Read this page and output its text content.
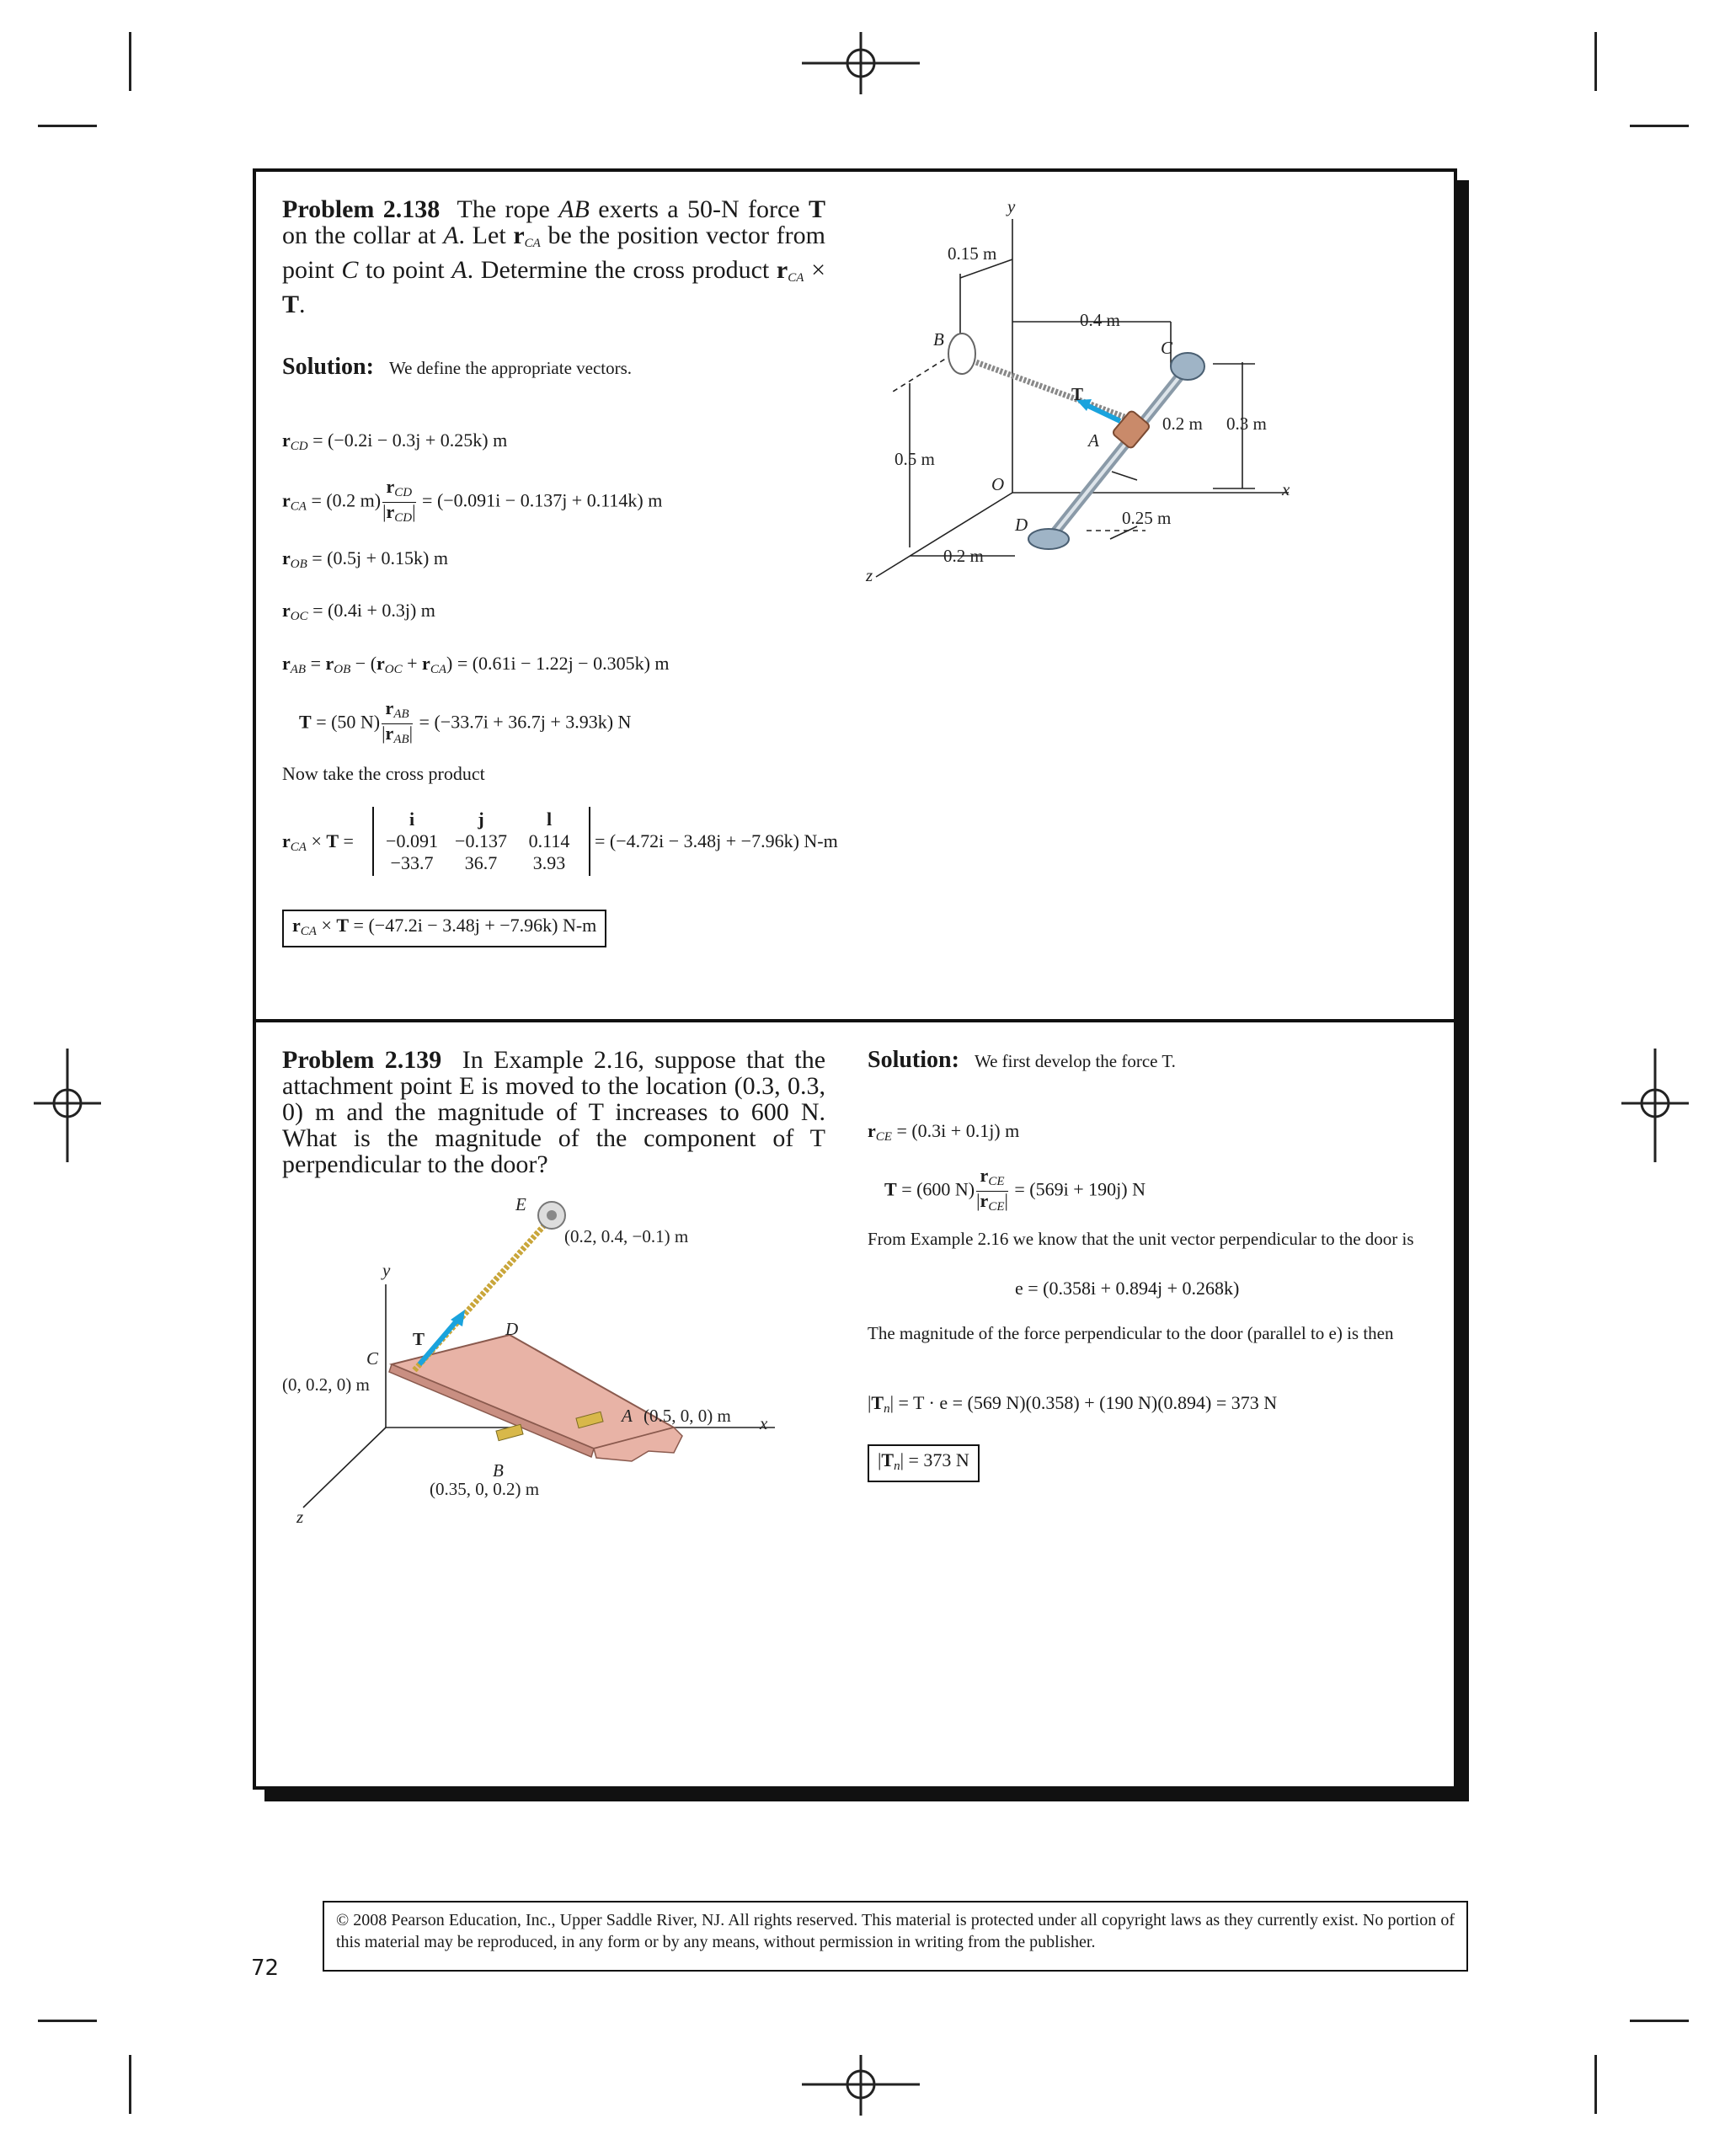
Problem 2.138 The rope AB exerts a 50-N force T on the collar at A. Let $r_{CA}$ be the position vector from point C to point A. Determine the cross product $r_{CA} \times T$.
Solution: We define the appropriate vectors.
$r_{CD} = (-0.2i - 0.3j + 0.25k)$ m
$r_{CA} = (0.2$ $m) \frac{r_{CD}}{|r_{CD}|} = (-0.091i - 0.137j + 0.114k)$ m
$r_{OB} = (0.5j + 0.15k)$ m
$r_{OC} = (0.4i + 0.3j)$ m
$r_{AB} = r_{OB} - (r_{OC} + r_{CA}) = (0.61i - 1.22j - 0.305k)$ m
T = (50 $N) \frac{r_{AB}}{|r_{AB}|} = (-33.7i + 36.7j + 3.93k)$ N
Now take the cross product
$r_{CA} \times T$ =
i	j	l
−0.091 −0.137	0.114
−33.7	36.7	3.93
= (−4.72i − 3.48j + −7.96k) N-m
$r_{CA} \times T = (-47.2i - 3.48j + -7.96k)$ N-m
y
0.15 m
0.4 m
B	C
T
0.2 m 0.3 m
A
0.5 m
O	x
D	0.25 m
0.2 m
z
Problem 2.139 In Example 2.16, suppose that the attachment point E is moved to the location (0.3, 0.3, 0) m and the magnitude of T increases to 600 N. What is the magnitude of the component of T perpendicular to the door?
E
(0.2, 0.4, −0.1) m
y
D
T
C
(0, 0.2, 0) m
A (0.5, 0, 0) m x
B
(0.35, 0, 0.2) m
z
Solution: We first develop the force T.
$r_{CE} = (0.3i + 0.1j)$ m
T = (600 $N) \frac{r_{CE}}{|r_{CE}|} = (569i + 190j)$ N
From Example 2.16 we know that the unit vector perpendicular to the door is
e = (0.358i + 0.894j + 0.268k)
The magnitude of the force perpendicular to the door (parallel to e) is then
$|T_n| = T \cdot e = (569$ N)(0.358) + (190 N)(0.894) = 373 N
$|T_n| = 373$ N
© 2008 Pearson Education, Inc., Upper Saddle River, NJ. All rights reserved. This material is protected under all copyright laws as they currently exist. No portion of this material may be reproduced, in any form or by any means, without permission in writing from the publisher.
72
